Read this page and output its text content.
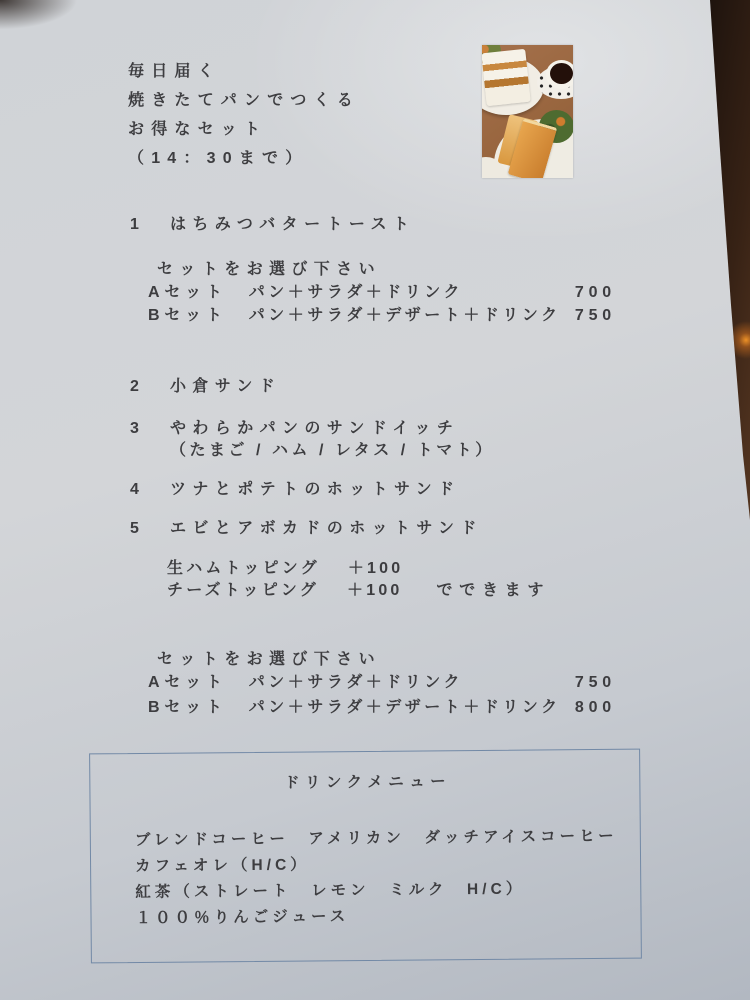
毎日届く
焼きたてパンでつくる
お得なセット
（14：30まで）
1 はちみつバタートースト
セットをお選び下さい
Aセット パン＋サラダ＋ドリンク	700
Bセット パン＋サラダ＋デザート＋ドリンク 750
2 小倉サンド
3 やわらかパンのサンドイッチ
（たまご / ハム / レタス / トマト）
4 ツナとポテトのホットサンド
5 エビとアボカドのホットサンド
生ハムトッピング ＋100
チーズトッピング ＋100 でできます
セットをお選び下さい
Aセット パン＋サラダ＋ドリンク	750
Bセット パン＋サラダ＋デザート＋ドリンク 800
ドリンクメニュー
ブレンドコーヒー　アメリカン　ダッチアイスコーヒー
カフェオレ（H/C）
紅茶（ストレート　レモン　ミルク　H/C）
１００％りんごジュース
